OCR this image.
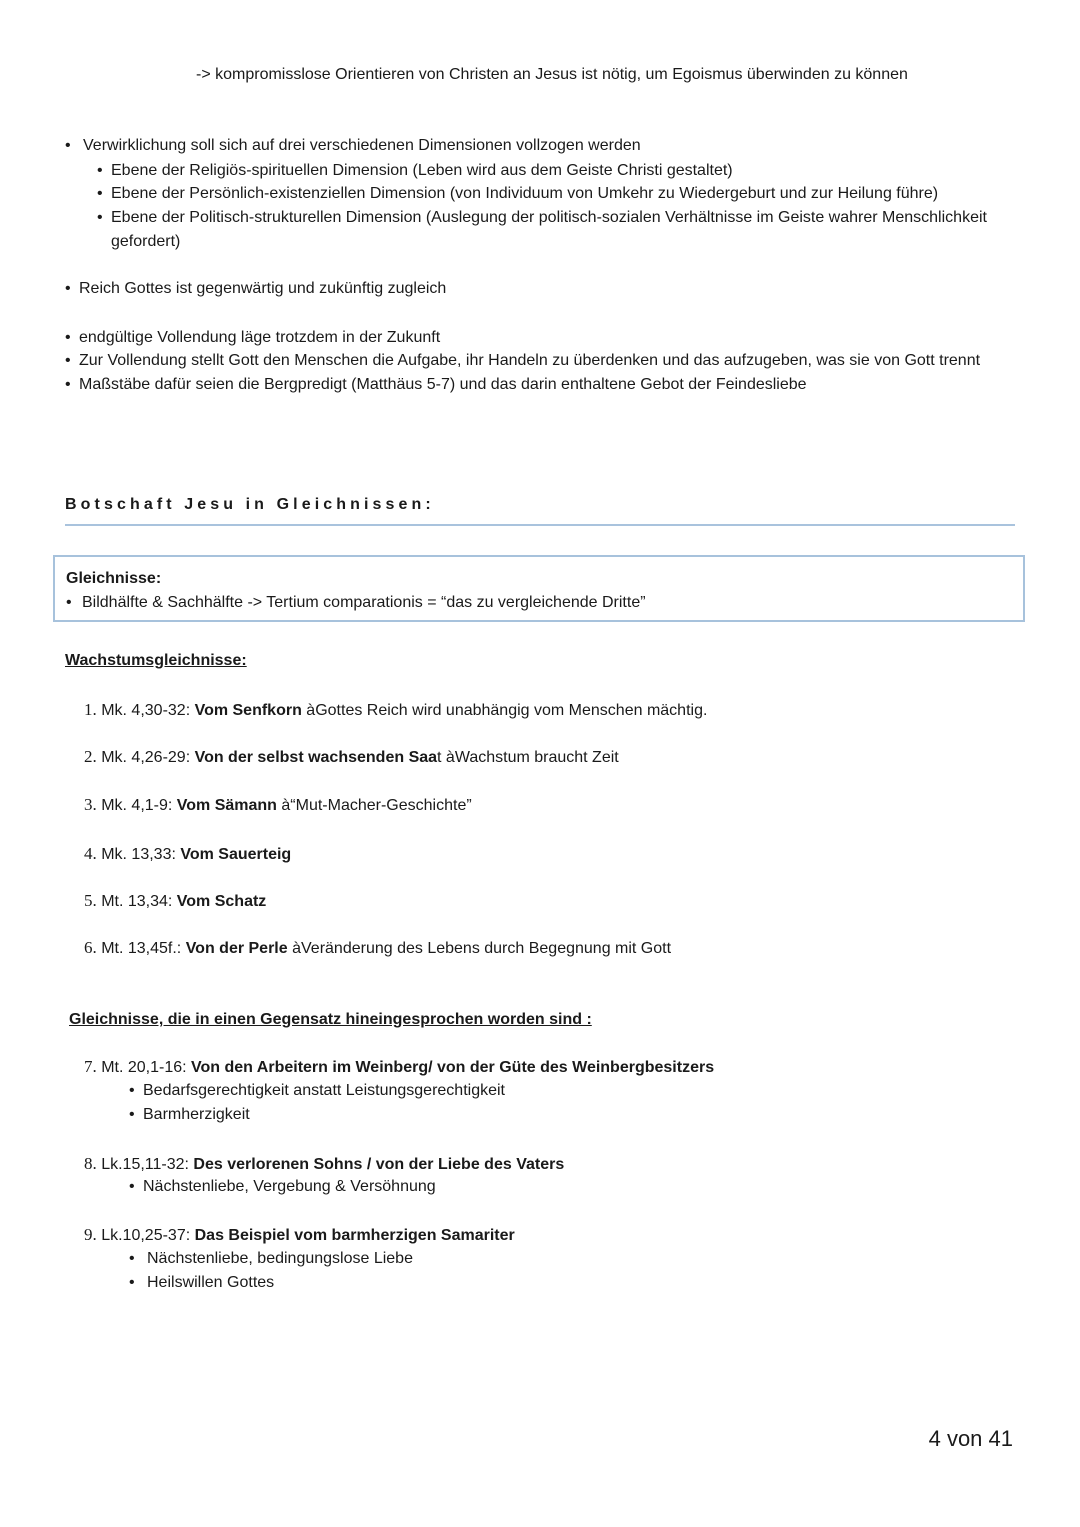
-> kompromisslose Orientieren von Christen an Jesus ist nötig, um Egoismus überwinden zu können
• Verwirklichung soll sich auf drei verschiedenen Dimensionen vollzogen werden
• Ebene der Religiös-spirituellen Dimension (Leben wird aus dem Geiste Christi gestaltet)
• Ebene der Persönlich-existenziellen Dimension (von Individuum von Umkehr zu Wiedergeburt und zur Heilung führe)
• Ebene der Politisch-strukturellen Dimension (Auslegung der politisch-sozialen Verhältnisse im Geiste wahrer Menschlichkeit
gefordert)
• Reich Gottes ist gegenwärtig und zukünftig zugleich
• endgültige Vollendung läge trotzdem in der Zukunft
• Zur Vollendung stellt Gott den Menschen die Aufgabe, ihr Handeln zu überdenken und das aufzugeben, was sie von Gott trennt
• Maßstäbe dafür seien die Bergpredigt (Matthäus 5-7) und das darin enthaltene Gebot der Feindesliebe
Botschaft Jesu in Gleichnissen:
Gleichnisse:
• Bildhälfte & Sachhälfte -> Tertium comparationis = “das zu vergleichende Dritte”
Wachstumsgleichnisse:
1. Mk. 4,30-32: Vom Senfkorn àGottes Reich wird unabhängig vom Menschen mächtig.
2. Mk. 4,26-29: Von der selbst wachsenden Saat àWachstum braucht Zeit
3. Mk. 4,1-9: Vom Sämann à“Mut-Macher-Geschichte”
4. Mk. 13,33: Vom Sauerteig
5. Mt. 13,34: Vom Schatz
6. Mt. 13,45f.: Von der Perle àVeränderung des Lebens durch Begegnung mit Gott
Gleichnisse, die in einen Gegensatz hineingesprochen worden sind :
7. Mt. 20,1-16: Von den Arbeitern im Weinberg/ von der Güte des Weinbergbesitzers
• Bedarfsgerechtigkeit anstatt Leistungsgerechtigkeit
• Barmherzigkeit
8. Lk.15,11-32: Des verlorenen Sohns / von der Liebe des Vaters
• Nächstenliebe, Vergebung & Versöhnung
9. Lk.10,25-37: Das Beispiel vom barmherzigen Samariter
• Nächstenliebe, bedingungslose Liebe
• Heilswillen Gottes
4 von 41
